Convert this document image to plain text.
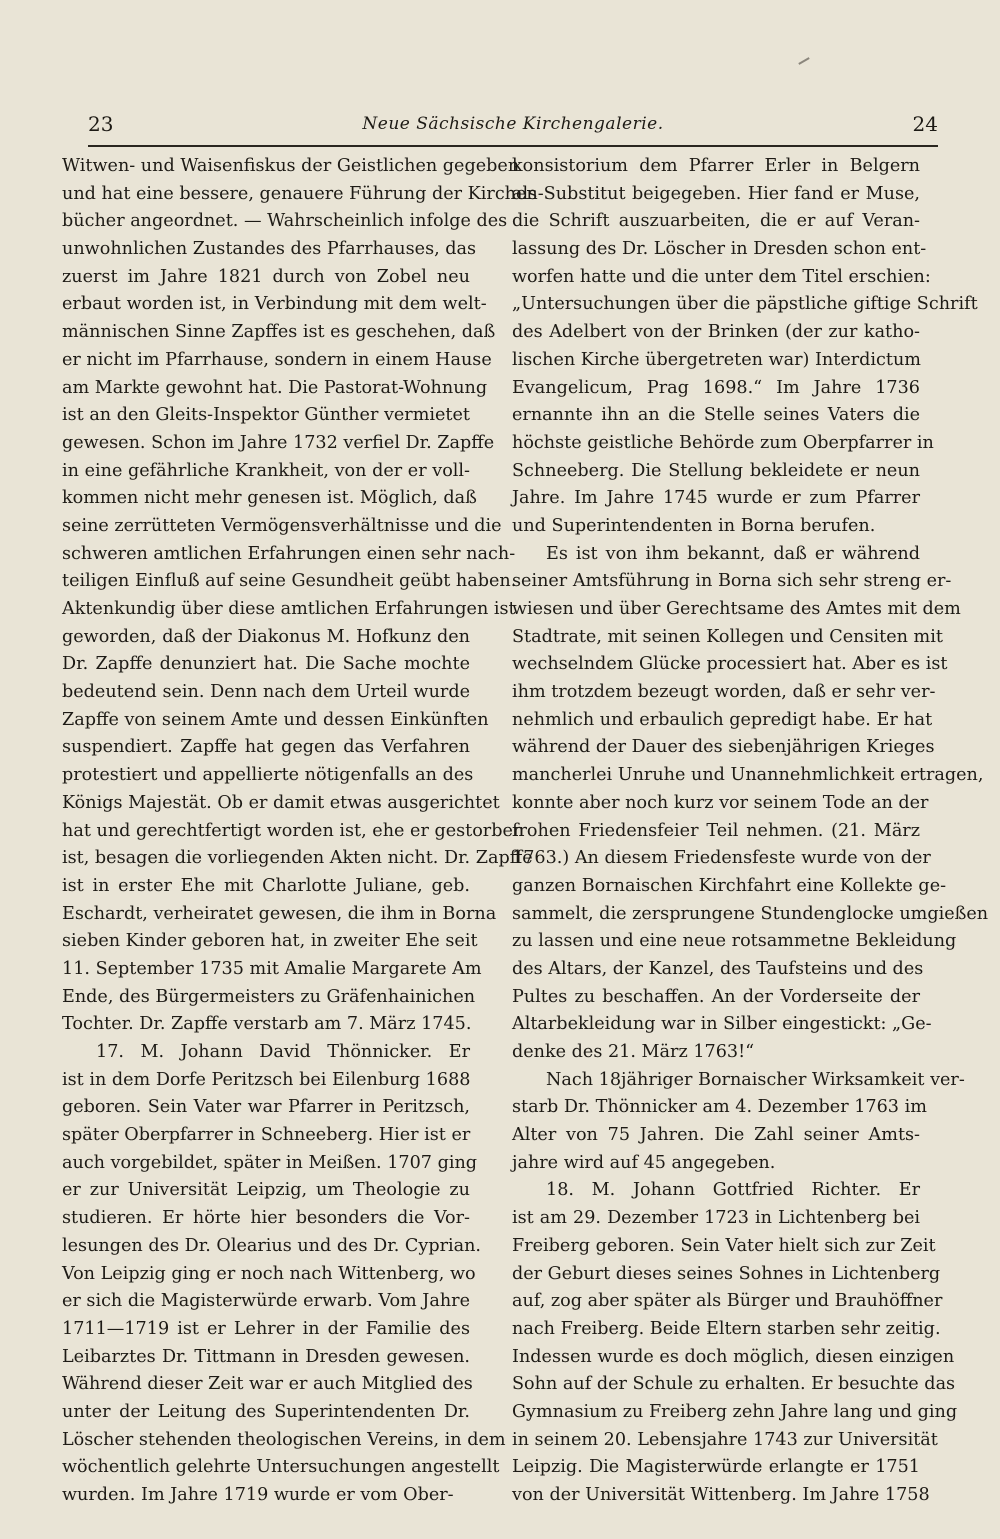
23	Neue Sächsische Kirchengalerie.	24
Witwen- und Waisenfiskus der Geistlichen gegeben
und hat eine bessere, genauere Führung der Kirchen-
bücher angeordnet. — Wahrscheinlich infolge des
unwohnlichen Zustandes des Pfarrhauses, das
zuerst im Jahre 1821 durch von Zobel neu
erbaut worden ist, in Verbindung mit dem welt-
männischen Sinne Zapffes ist es geschehen, daß
er nicht im Pfarrhause, sondern in einem Hause
am Markte gewohnt hat. Die Pastorat-Wohnung
ist an den Gleits-Inspektor Günther vermietet
gewesen. Schon im Jahre 1732 verfiel Dr. Zapffe
in eine gefährliche Krankheit, von der er voll-
kommen nicht mehr genesen ist. Möglich, daß
seine zerrütteten Vermögensverhältnisse und die
schweren amtlichen Erfahrungen einen sehr nach-
teiligen Einfluß auf seine Gesundheit geübt haben.
Aktenkundig über diese amtlichen Erfahrungen ist
geworden, daß der Diakonus M. Hofkunz den
Dr. Zapffe denunziert hat. Die Sache mochte
bedeutend sein. Denn nach dem Urteil wurde
Zapffe von seinem Amte und dessen Einkünften
suspendiert. Zapffe hat gegen das Verfahren
protestiert und appellierte nötigenfalls an des
Königs Majestät. Ob er damit etwas ausgerichtet
hat und gerechtfertigt worden ist, ehe er gestorben
ist, besagen die vorliegenden Akten nicht. Dr. Zapffe
ist in erster Ehe mit Charlotte Juliane, geb.
Eschardt, verheiratet gewesen, die ihm in Borna
sieben Kinder geboren hat, in zweiter Ehe seit
11. September 1735 mit Amalie Margarete Am
Ende, des Bürgermeisters zu Gräfenhainichen
Tochter. Dr. Zapffe verstarb am 7. März 1745.
17. M. Johann David Thönnicker. Er
ist in dem Dorfe Peritzsch bei Eilenburg 1688
geboren. Sein Vater war Pfarrer in Peritzsch,
später Oberpfarrer in Schneeberg. Hier ist er
auch vorgebildet, später in Meißen. 1707 ging
er zur Universität Leipzig, um Theologie zu
studieren. Er hörte hier besonders die Vor-
lesungen des Dr. Olearius und des Dr. Cyprian.
Von Leipzig ging er noch nach Wittenberg, wo
er sich die Magisterwürde erwarb. Vom Jahre
1711—1719 ist er Lehrer in der Familie des
Leibarztes Dr. Tittmann in Dresden gewesen.
Während dieser Zeit war er auch Mitglied des
unter der Leitung des Superintendenten Dr.
Löscher stehenden theologischen Vereins, in dem
wöchentlich gelehrte Untersuchungen angestellt
wurden. Im Jahre 1719 wurde er vom Ober-
konsistorium dem Pfarrer Erler in Belgern
als Substitut beigegeben. Hier fand er Muse,
die Schrift auszuarbeiten, die er auf Veran-
lassung des Dr. Löscher in Dresden schon ent-
worfen hatte und die unter dem Titel erschien:
„Untersuchungen über die päpstliche giftige Schrift
des Adelbert von der Brinken (der zur katho-
lischen Kirche übergetreten war) Interdictum
Evangelicum, Prag 1698.“ Im Jahre 1736
ernannte ihn an die Stelle seines Vaters die
höchste geistliche Behörde zum Oberpfarrer in
Schneeberg. Die Stellung bekleidete er neun
Jahre. Im Jahre 1745 wurde er zum Pfarrer
und Superintendenten in Borna berufen.
Es ist von ihm bekannt, daß er während
seiner Amtsführung in Borna sich sehr streng er-
wiesen und über Gerechtsame des Amtes mit dem
Stadtrate, mit seinen Kollegen und Censiten mit
wechselndem Glücke processiert hat. Aber es ist
ihm trotzdem bezeugt worden, daß er sehr ver-
nehmlich und erbaulich gepredigt habe. Er hat
während der Dauer des siebenjährigen Krieges
mancherlei Unruhe und Unannehmlichkeit ertragen,
konnte aber noch kurz vor seinem Tode an der
frohen Friedensfeier Teil nehmen. (21. März
1763.) An diesem Friedensfeste wurde von der
ganzen Bornaischen Kirchfahrt eine Kollekte ge-
sammelt, die zersprungene Stundenglocke umgießen
zu lassen und eine neue rotsammetne Bekleidung
des Altars, der Kanzel, des Taufsteins und des
Pultes zu beschaffen. An der Vorderseite der
Altarbekleidung war in Silber eingestickt: „Ge-
denke des 21. März 1763!“
Nach 18jähriger Bornaischer Wirksamkeit ver-
starb Dr. Thönnicker am 4. Dezember 1763 im
Alter von 75 Jahren. Die Zahl seiner Amts-
jahre wird auf 45 angegeben.
18. M. Johann Gottfried Richter. Er
ist am 29. Dezember 1723 in Lichtenberg bei
Freiberg geboren. Sein Vater hielt sich zur Zeit
der Geburt dieses seines Sohnes in Lichtenberg
auf, zog aber später als Bürger und Brauhöffner
nach Freiberg. Beide Eltern starben sehr zeitig.
Indessen wurde es doch möglich, diesen einzigen
Sohn auf der Schule zu erhalten. Er besuchte das
Gymnasium zu Freiberg zehn Jahre lang und ging
in seinem 20. Lebensjahre 1743 zur Universität
Leipzig. Die Magisterwürde erlangte er 1751
von der Universität Wittenberg. Im Jahre 1758
